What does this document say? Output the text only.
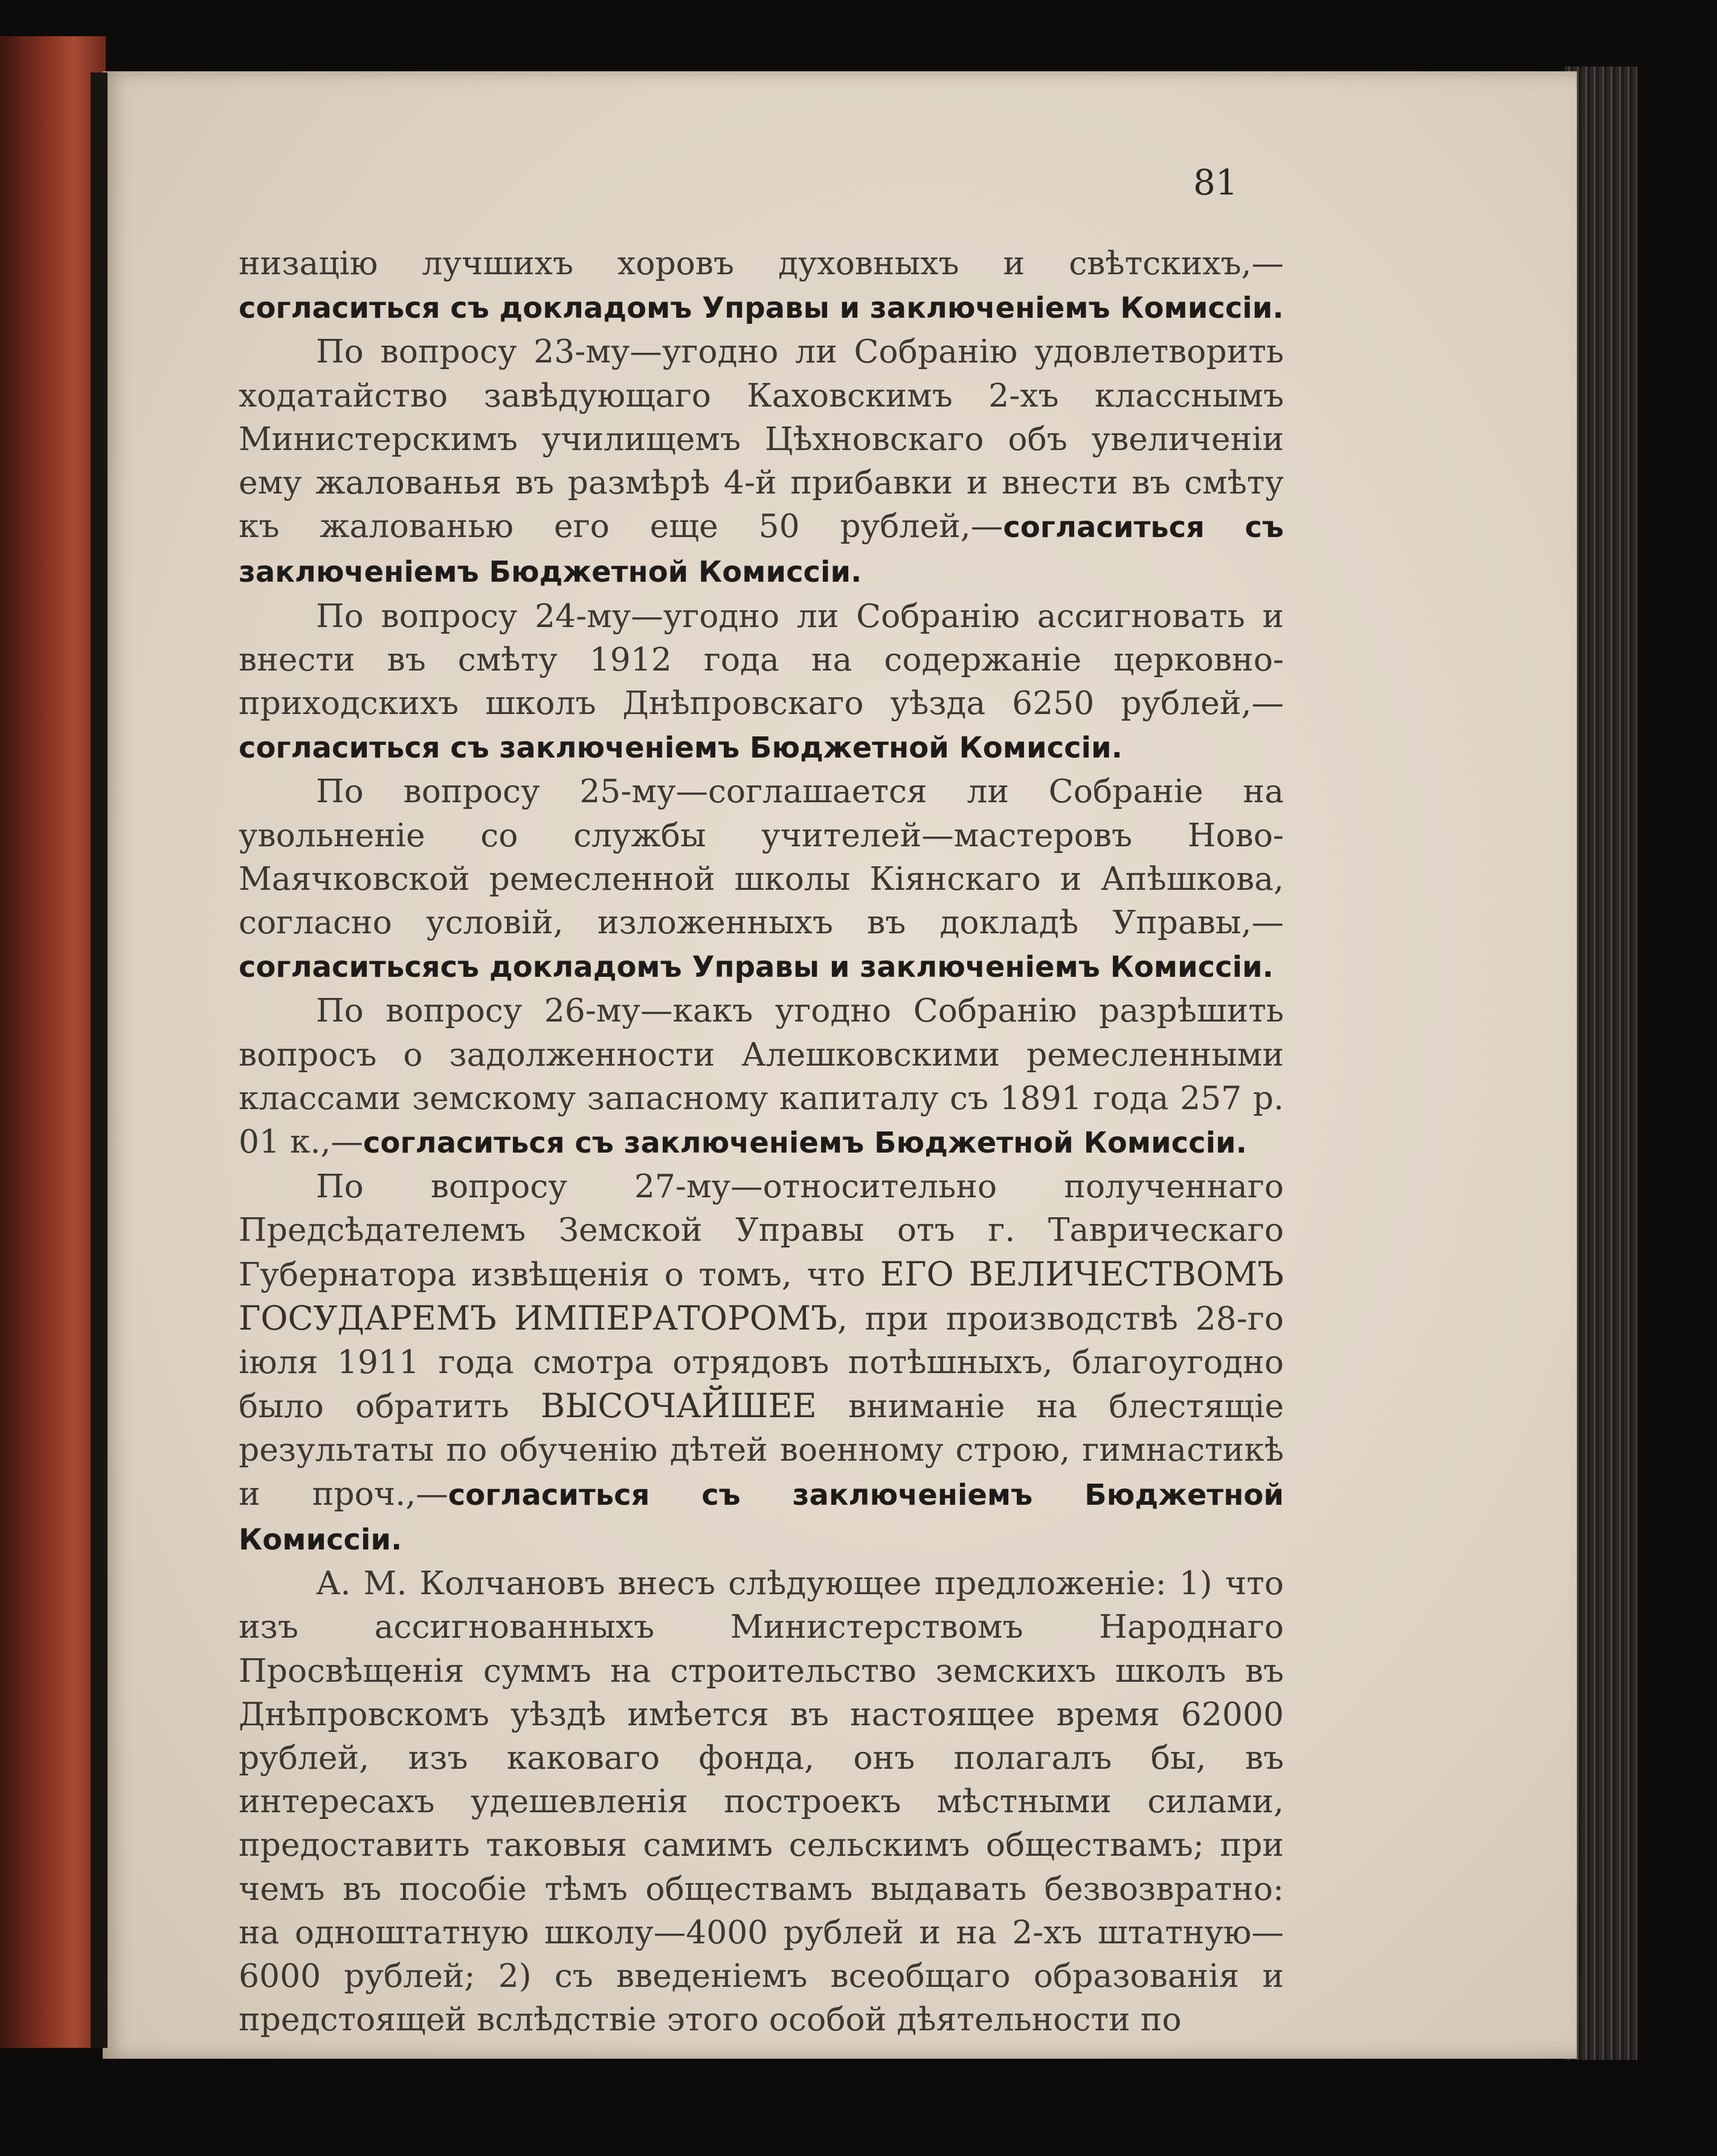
81

низацію лучшихъ хоровъ духовныхъ и свѣтскихъ,—согласиться съ докладомъ Управы и заключеніемъ Комиссіи.

По вопросу 23-му—угодно ли Собранію удовлетворить ходатайство завѣдующаго Каховскимъ 2-хъ класснымъ Министерскимъ училищемъ Цѣхновскаго объ увеличеніи ему жалованья въ размѣрѣ 4-й прибавки и внести въ смѣту къ жалованью его еще 50 рублей,—согласиться съ заключеніемъ Бюджетной Комиссіи.

По вопросу 24-му—угодно ли Собранію ассигновать и внести въ смѣту 1912 года на содержаніе церковно-приходскихъ школъ Днѣпровскаго уѣзда 6250 рублей,—согласиться съ заключеніемъ Бюджетной Комиссіи.

По вопросу 25-му—соглашается ли Собраніе на увольненіе со службы учителей—мастеровъ Ново-Маячковской ремесленной школы Кіянскаго и Апѣшкова, согласно условій, изложенныхъ въ докладѣ Управы,—согласитьсясъ докладомъ Управы и заключеніемъ Комиссіи.

По вопросу 26-му—какъ угодно Собранію разрѣшить вопросъ о задолженности Алешковскими ремесленными классами земскому запасному капиталу съ 1891 года 257 р. 01 к.,—согласиться съ заключеніемъ Бюджетной Комиссіи.

По вопросу 27-му—относительно полученнаго Предсѣдателемъ Земской Управы отъ г. Таврическаго Губернатора извѣщенія о томъ, что ЕГО ВЕЛИЧЕСТВОМЪ ГОСУДАРЕМЪ ИМПЕРАТОРОМЪ, при производствѣ 28-го іюля 1911 года смотра отрядовъ потѣшныхъ, благоугодно было обратить ВЫСОЧАЙШЕЕ вниманіе на блестящіе результаты по обученію дѣтей военному строю, гимнастикѣ и проч.,—согласиться съ заключеніемъ Бюджетной Комиссіи.

А. М. Колчановъ внесъ слѣдующее предложеніе: 1) что изъ ассигнованныхъ Министерствомъ Народнаго Просвѣщенія суммъ на строительство земскихъ школъ въ Днѣпровскомъ уѣздѣ имѣется въ настоящее время 62000 рублей, изъ каковаго фонда, онъ полагалъ бы, въ интересахъ удешевленія построекъ мѣстными силами, предоставить таковыя самимъ сельскимъ обществамъ; при чемъ въ пособіе тѣмъ обществамъ выдавать безвозвратно: на одноштатную школу—4000 рублей и на 2-хъ штатную—6000 рублей; 2) съ введеніемъ всеобщаго образованія и предстоящей вслѣдствіе этого особой дѣятельности по
